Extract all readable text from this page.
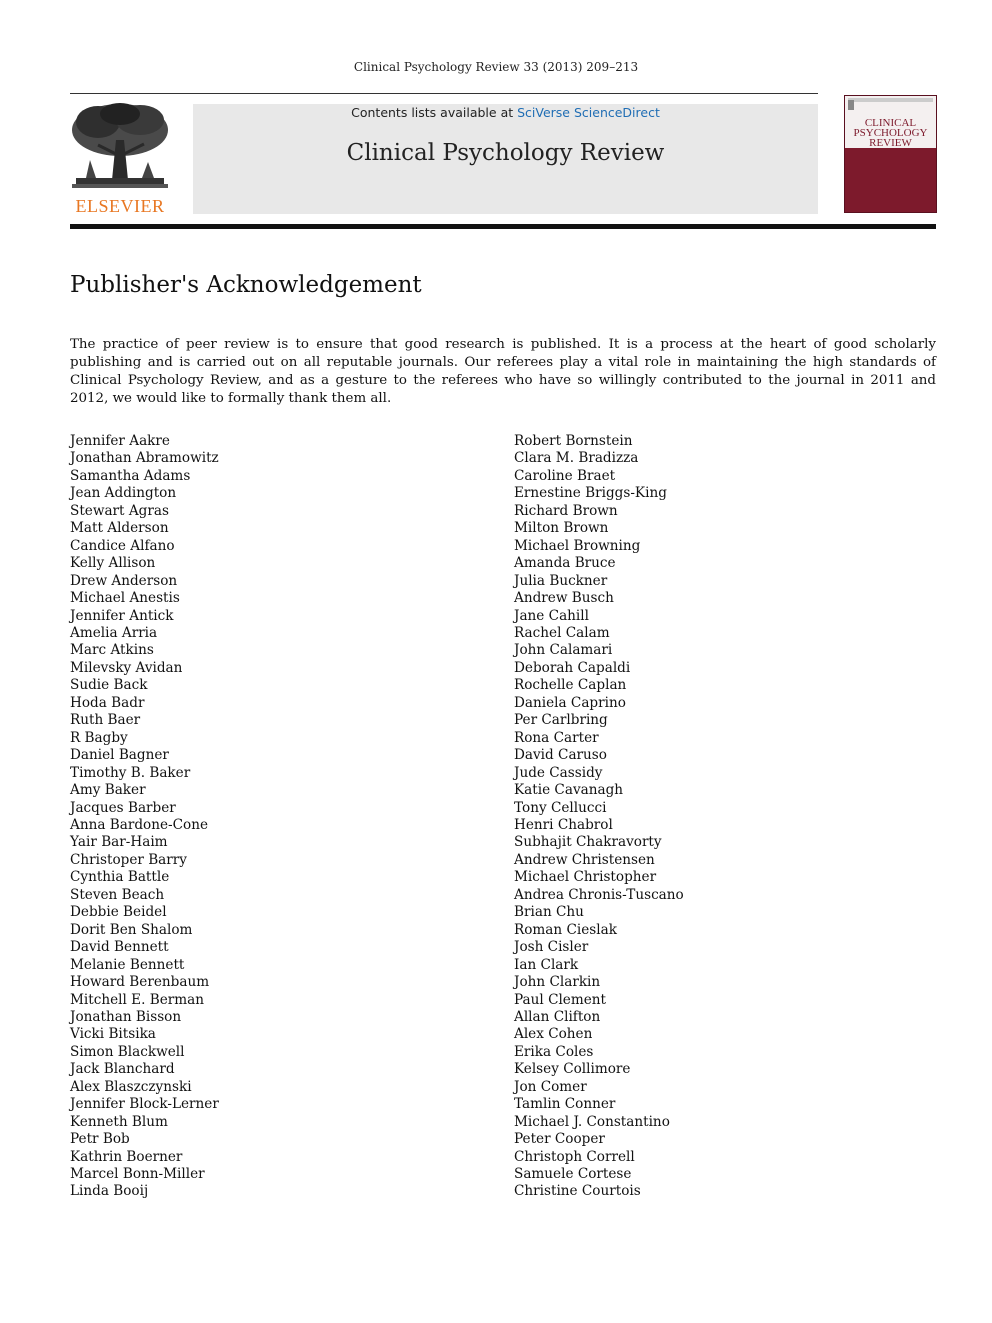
Clinical Psychology Review 33 (2013) 209–213
ELSEVIER
Contents lists available at SciVerse ScienceDirect
Clinical Psychology Review
CLINICAL PSYCHOLOGY REVIEW
Publisher's Acknowledgement

The practice of peer review is to ensure that good research is published. It is a process at the heart of good scholarly publishing and is carried out on all reputable journals. Our referees play a vital role in maintaining the high standards of Clinical Psychology Review, and as a gesture to the referees who have so willingly contributed to the journal in 2011 and 2012, we would like to formally thank them all.

Jennifer Aakre
Jonathan Abramowitz
Samantha Adams
Jean Addington
Stewart Agras
Matt Alderson
Candice Alfano
Kelly Allison
Drew Anderson
Michael Anestis
Jennifer Antick
Amelia Arria
Marc Atkins
Milevsky Avidan
Sudie Back
Hoda Badr
Ruth Baer
R Bagby
Daniel Bagner
Timothy B. Baker
Amy Baker
Jacques Barber
Anna Bardone-Cone
Yair Bar-Haim
Christoper Barry
Cynthia Battle
Steven Beach
Debbie Beidel
Dorit Ben Shalom
David Bennett
Melanie Bennett
Howard Berenbaum
Mitchell E. Berman
Jonathan Bisson
Vicki Bitsika
Simon Blackwell
Jack Blanchard
Alex Blaszczynski
Jennifer Block-Lerner
Kenneth Blum
Petr Bob
Kathrin Boerner
Marcel Bonn-Miller
Linda Booij
Robert Bornstein
Clara M. Bradizza
Caroline Braet
Ernestine Briggs-King
Richard Brown
Milton Brown
Michael Browning
Amanda Bruce
Julia Buckner
Andrew Busch
Jane Cahill
Rachel Calam
John Calamari
Deborah Capaldi
Rochelle Caplan
Daniela Caprino
Per Carlbring
Rona Carter
David Caruso
Jude Cassidy
Katie Cavanagh
Tony Cellucci
Henri Chabrol
Subhajit Chakravorty
Andrew Christensen
Michael Christopher
Andrea Chronis-Tuscano
Brian Chu
Roman Cieslak
Josh Cisler
Ian Clark
John Clarkin
Paul Clement
Allan Clifton
Alex Cohen
Erika Coles
Kelsey Collimore
Jon Comer
Tamlin Conner
Michael J. Constantino
Peter Cooper
Christoph Correll
Samuele Cortese
Christine Courtois
